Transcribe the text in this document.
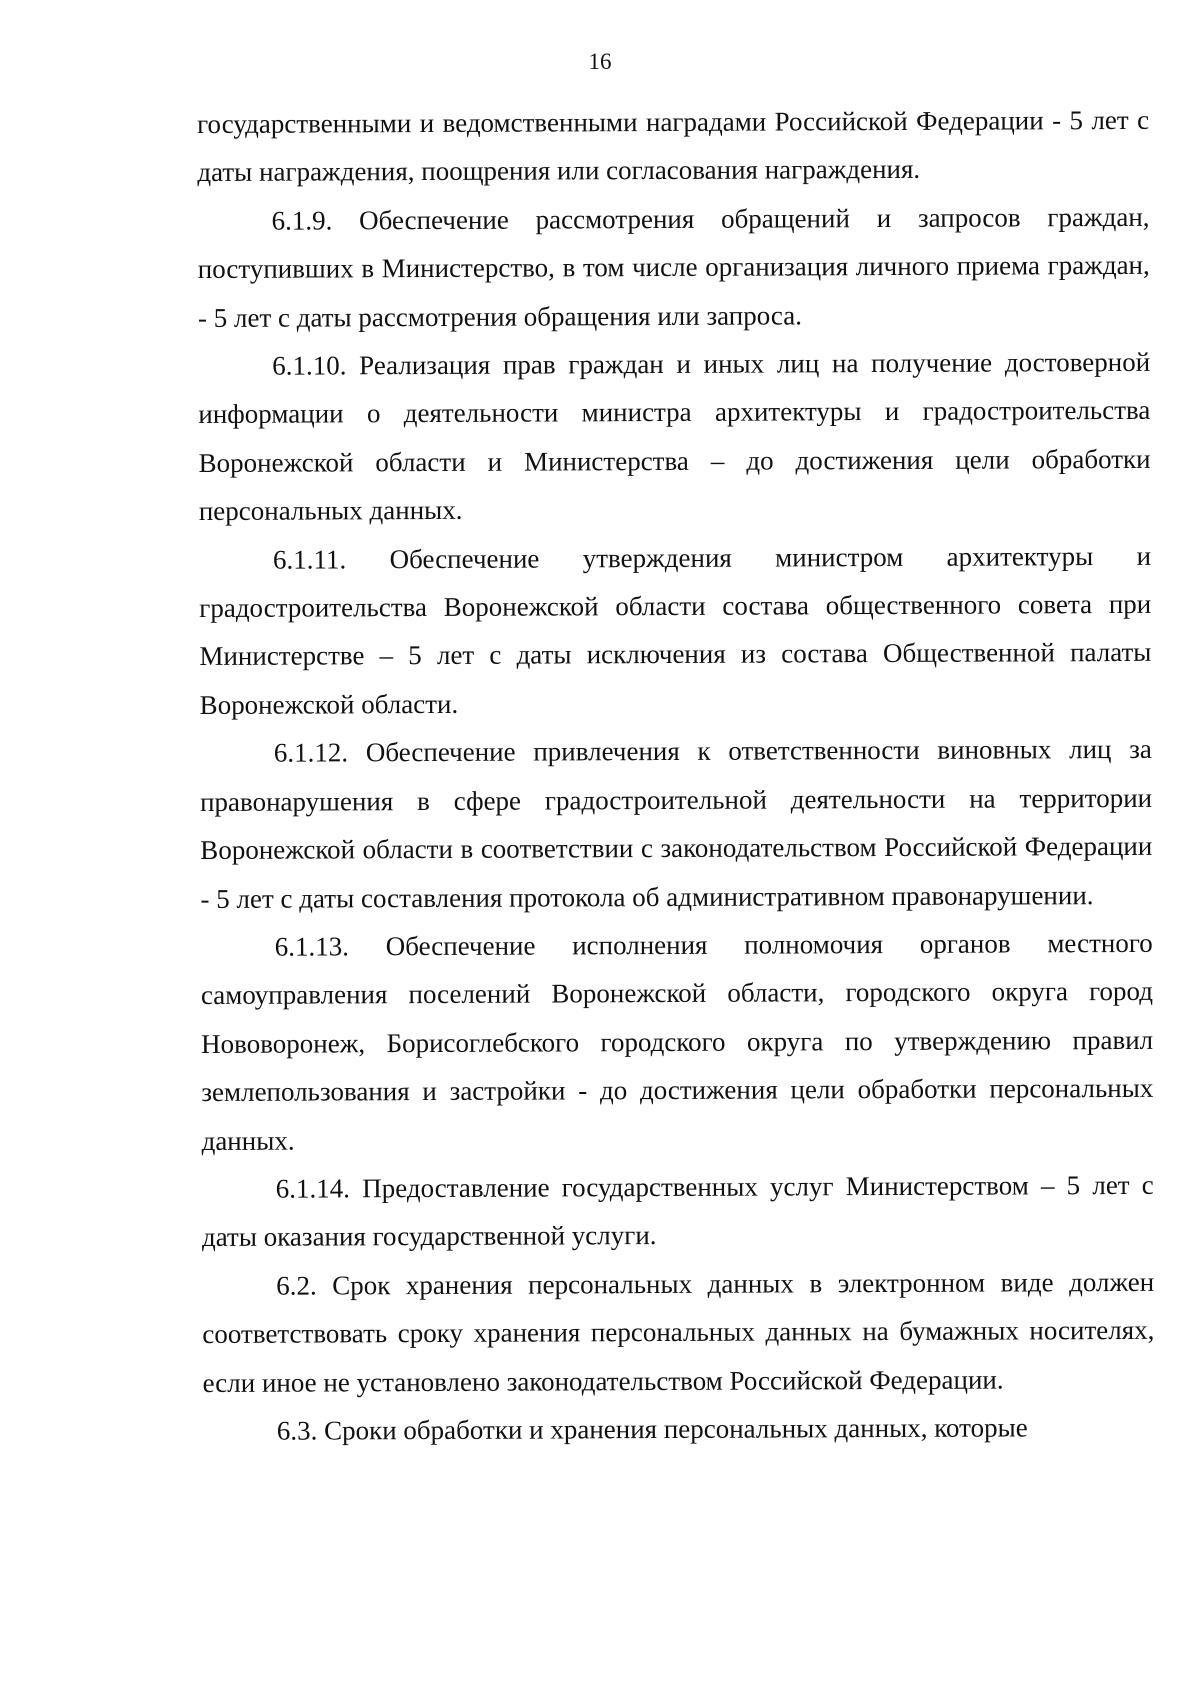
16

государственными и ведомственными наградами Российской Федерации - 5 лет с даты награждения, поощрения или согласования награждения.

6.1.9. Обеспечение рассмотрения обращений и запросов граждан, поступивших в Министерство, в том числе организация личного приема граждан, - 5 лет с даты рассмотрения обращения или запроса.

6.1.10. Реализация прав граждан и иных лиц на получение достоверной информации о деятельности министра архитектуры и градостроительства Воронежской области и Министерства – до достижения цели обработки персональных данных.

6.1.11. Обеспечение утверждения министром архитектуры и градостроительства Воронежской области состава общественного совета при Министерстве – 5 лет с даты исключения из состава Общественной палаты Воронежской области.

6.1.12. Обеспечение привлечения к ответственности виновных лиц за правонарушения в сфере градостроительной деятельности на территории Воронежской области в соответствии с законодательством Российской Федерации - 5 лет с даты составления протокола об административном правонарушении.

6.1.13. Обеспечение исполнения полномочия органов местного самоуправления поселений Воронежской области, городского округа город Нововоронеж, Борисоглебского городского округа по утверждению правил землепользования и застройки - до достижения цели обработки персональных данных.

6.1.14. Предоставление государственных услуг Министерством – 5 лет с даты оказания государственной услуги.

6.2. Срок хранения персональных данных в электронном виде должен соответствовать сроку хранения персональных данных на бумажных носителях, если иное не установлено законодательством Российской Федерации.

6.3. Сроки обработки и хранения персональных данных, которые
